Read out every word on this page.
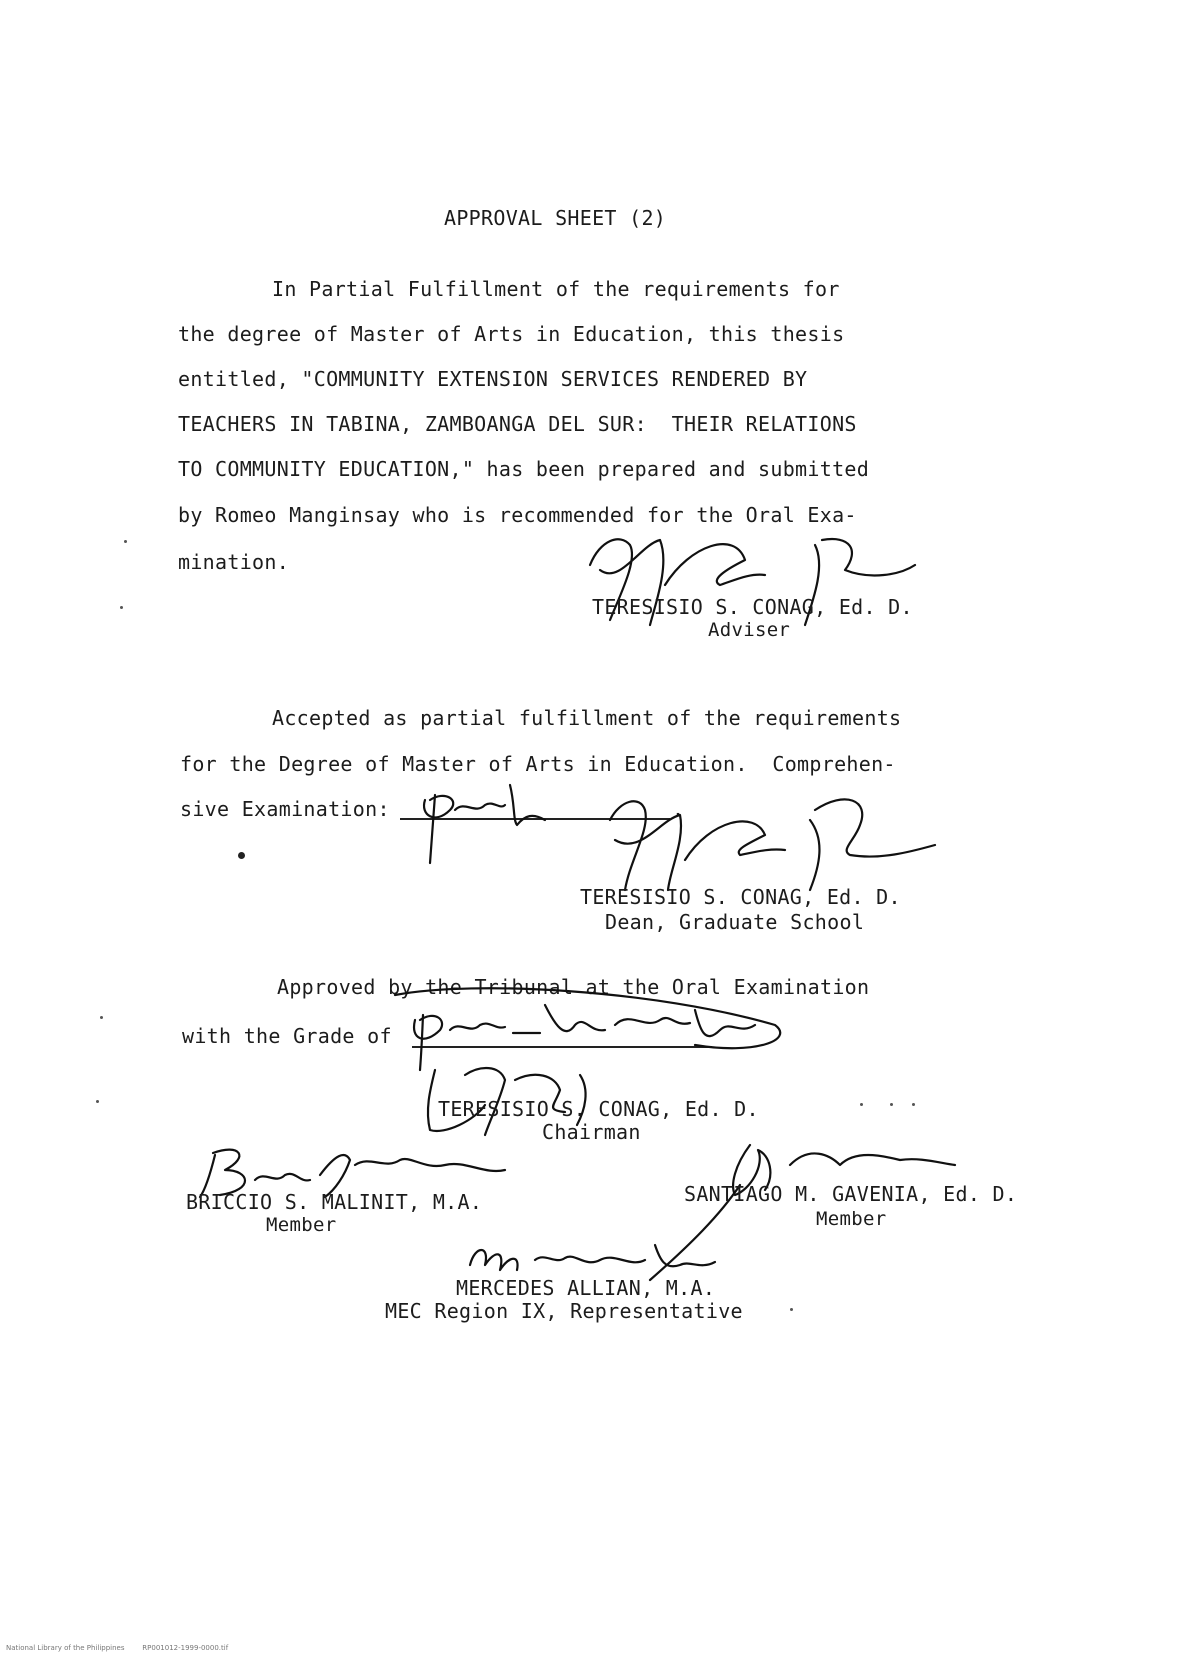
APPROVAL SHEET (2)
In Partial Fulfillment of the requirements for
the degree of Master of Arts in Education, this thesis
entitled, "COMMUNITY EXTENSION SERVICES RENDERED BY
TEACHERS IN TABINA, ZAMBOANGA DEL SUR:  THEIR RELATIONS
TO COMMUNITY EDUCATION," has been prepared and submitted
by Romeo Manginsay who is recommended for the Oral Exa-
mination.
TERESISIO S. CONAG, Ed. D.
Adviser
Accepted as partial fulfillment of the requirements
for the Degree of Master of Arts in Education.  Comprehen-
sive Examination:	.
TERESISIO S. CONAG, Ed. D.
Dean, Graduate School
Approved by the Tribunal at the Oral Examination
with the Grade of
TERESISIO S. CONAG, Ed. D.
Chairman
BRICCIO S. MALINIT, M.A.
Member
SANTIAGO M. GAVENIA, Ed. D.
Member
MERCEDES ALLIAN, M.A.
MEC Region IX, Representative
National Library of the Philippines        RP001012-1999-0000.tif
